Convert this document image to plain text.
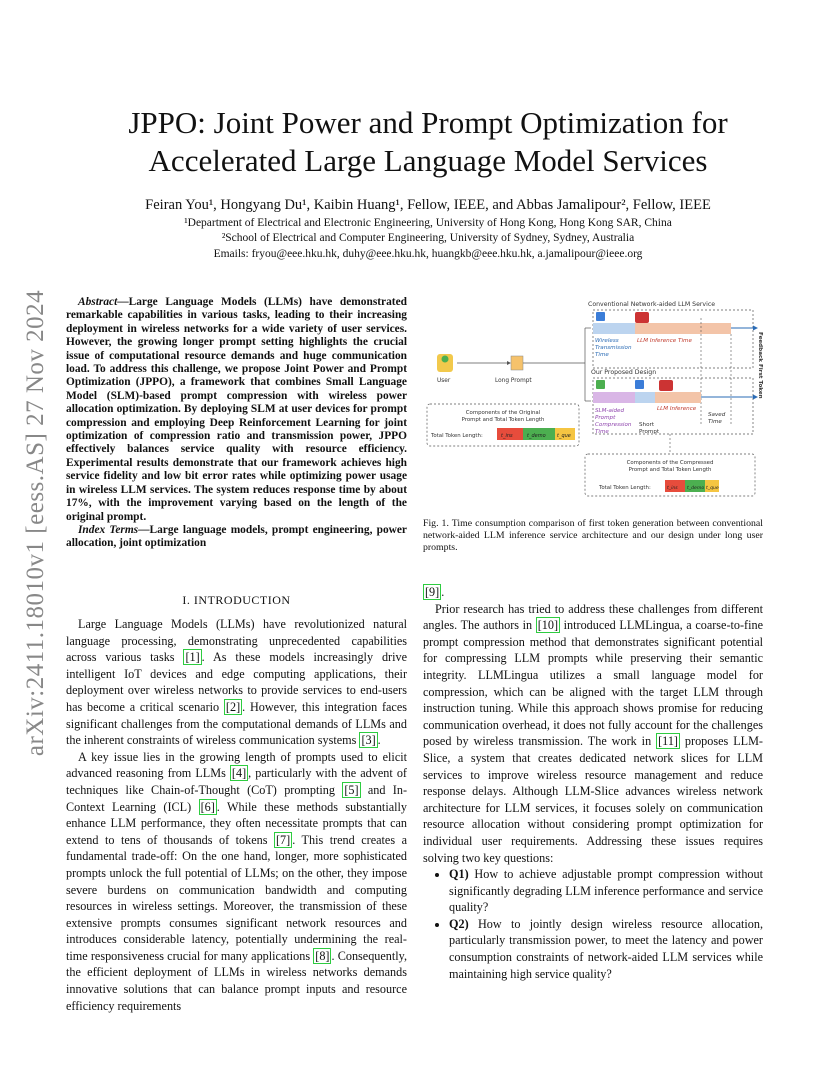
arXiv:2411.18010v1 [eess.AS] 27 Nov 2024
JPPO: Joint Power and Prompt Optimization for
Accelerated Large Language Model Services
Feiran You¹, Hongyang Du¹, Kaibin Huang¹, Fellow, IEEE, and Abbas Jamalipour², Fellow, IEEE
¹Department of Electrical and Electronic Engineering, University of Hong Kong, Hong Kong SAR, China
²School of Electrical and Computer Engineering, University of Sydney, Sydney, Australia
Emails: fryou@eee.hku.hk, duhy@eee.hku.hk, huangkb@eee.hku.hk, a.jamalipour@ieee.org
Abstract—Large Language Models (LLMs) have demonstrated remarkable capabilities in various tasks, leading to their increasing deployment in wireless networks for a wide variety of user services. However, the growing longer prompt setting highlights the crucial issue of computational resource demands and huge communication load. To address this challenge, we propose Joint Power and Prompt Optimization (JPPO), a framework that combines Small Language Model (SLM)-based prompt compression with wireless power allocation optimization. By deploying SLM at user devices for prompt compression and employing Deep Reinforcement Learning for joint optimization of compression ratio and transmission power, JPPO effectively balances service quality with resource efficiency. Experimental results demonstrate that our framework achieves high service fidelity and low bit error rates while optimizing power usage in wireless LLM services. The system reduces response time by about 17%, with the improvement varying based on the length of the original prompt.
Index Terms—Large language models, prompt engineering, power allocation, joint optimization
I. INTRODUCTION

Large Language Models (LLMs) have revolutionized natural language processing, demonstrating unprecedented capabilities across various tasks [1] . As these models increasingly drive intelligent IoT devices and edge computing applications, their deployment over wireless networks to provide services to end-users has become a critical scenario [2] . However, this integration faces significant challenges from the computational demands of LLMs and the inherent constraints of wireless communication systems [3] .

A key issue lies in the growing length of prompts used to elicit advanced reasoning from LLMs [4] , particularly with the advent of techniques like Chain-of-Thought (CoT) prompting [5] and In-Context Learning (ICL) [6] . While these methods substantially enhance LLM performance, they often necessitate prompts that can extend to tens of thousands of tokens [7] . This trend creates a fundamental trade-off: On the one hand, longer, more sophisticated prompts unlock the full potential of LLMs; on the other, they impose severe burdens on communication bandwidth and computing resources in wireless settings. Moreover, the transmission of these extensive prompts consumes significant network resources and introduces considerable latency, potentially undermining the real-time responsiveness crucial for many applications [8] . Consequently, the efficient deployment of LLMs in wireless networks demands innovative solutions that can balance prompt inputs and resource efficiency requirements

Conventional Network-aided LLM Service
Wireless
Transmission
Time
LLM Inference Time	Feedback First Token
User	Long Prompt
Components of the Original
Prompt and Total Token Length
Total Token Length:	t_ins	t_demo t_que
Our Proposed Design
SLM-aided
Prompt
Compression
Time
Short
Prompt
LLM Inference
Saved
Time
Components of the Compressed
Prompt and Total Token Length
Total Token Length:	t_ins t_demo t_que
Fig. 1. Time consumption comparison of first token generation between conventional network-aided LLM inference service architecture and our design under long user prompts.

[9] .

Prior research has tried to address these challenges from different angles. The authors in [10] introduced LLMLingua, a coarse-to-fine prompt compression method that demonstrates significant potential for compressing LLM prompts while preserving their semantic integrity. LLMLingua utilizes a small language model for compression, which can be aligned with the target LLM through instruction tuning. While this approach shows promise for reducing communication overhead, it does not fully account for the challenges posed by wireless transmission. The work in [11] proposes LLM-Slice, a system that creates dedicated network slices for LLM services to improve wireless resource management and reduce response delays. Although LLM-Slice advances wireless network architecture for LLM services, it focuses solely on communication resource allocation without considering prompt optimization for individual user requirements. Addressing these issues requires solving two key questions:

• Q1) How to achieve adjustable prompt compression without significantly degrading LLM inference performance and service quality?
• Q2) How to jointly design wireless resource allocation, particularly transmission power, to meet the latency and power consumption constraints of network-aided LLM services while maintaining high service quality?
